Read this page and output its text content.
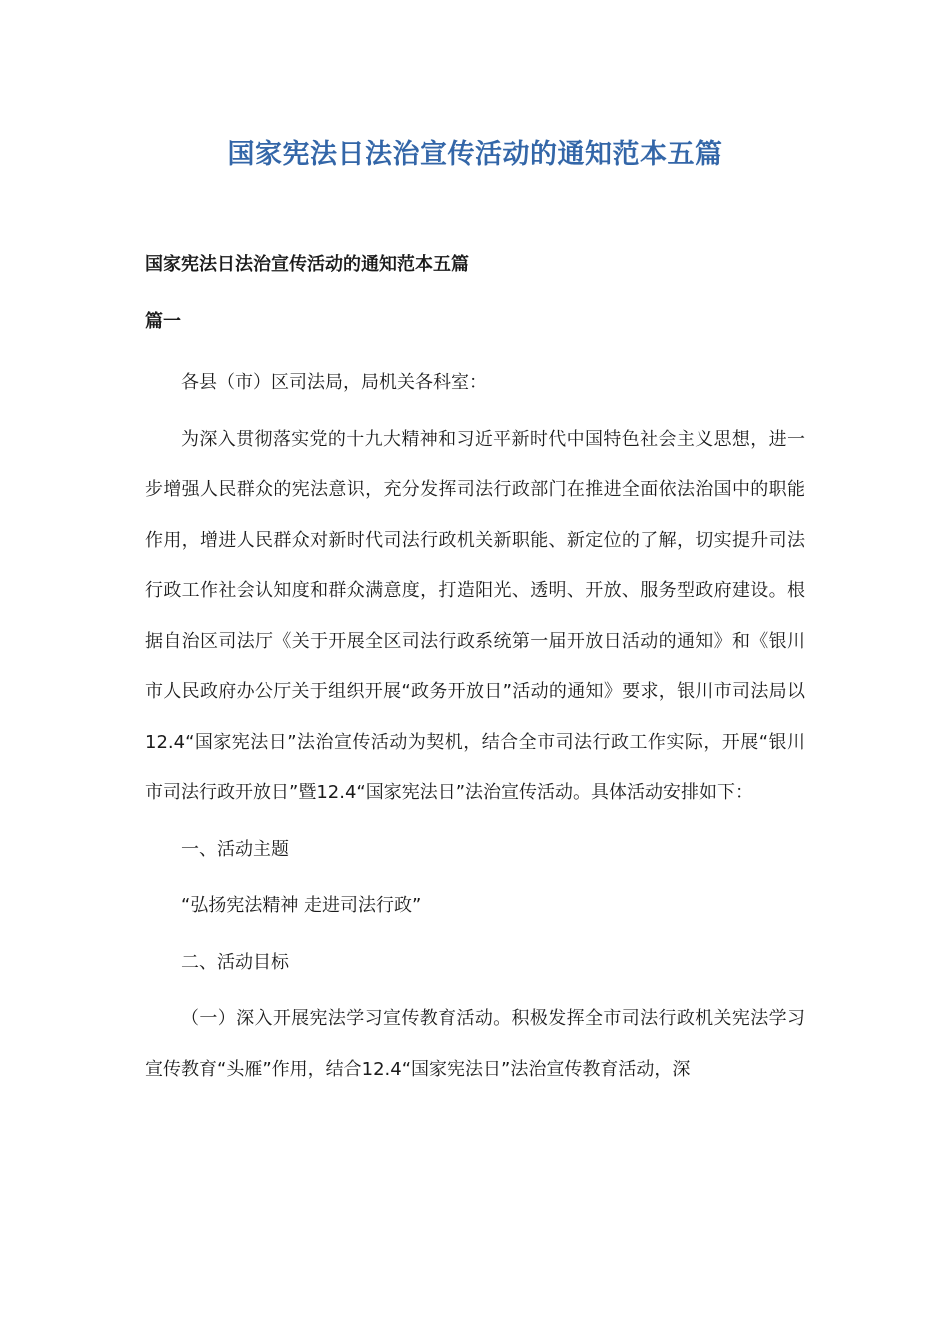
国家宪法日法治宣传活动的通知范本五篇
国家宪法日法治宣传活动的通知范本五篇
篇一

各县（市）区司法局，局机关各科室：

为深入贯彻落实党的十九大精神和习近平新时代中国特色社会主义思想，进一步增强人民群众的宪法意识，充分发挥司法行政部门在推进全面依法治国中的职能作用，增进人民群众对新时代司法行政机关新职能、新定位的了解，切实提升司法行政工作社会认知度和群众满意度，打造阳光、透明、开放、服务型政府建设。根据自治区司法厅《关于开展全区司法行政系统第一届开放日活动的通知》和《银川市人民政府办公厅关于组织开展“政务开放日”活动的通知》要求，银川市司法局以12.4“国家宪法日”法治宣传活动为契机，结合全市司法行政工作实际，开展“银川市司法行政开放日”暨12.4“国家宪法日”法治宣传活动。具体活动安排如下：

一、活动主题

“弘扬宪法精神 走进司法行政”

二、活动目标

（一）深入开展宪法学习宣传教育活动。积极发挥全市司法行政机关宪法学习宣传教育“头雁”作用，结合12.4“国家宪法日”法治宣传教育活动，深
